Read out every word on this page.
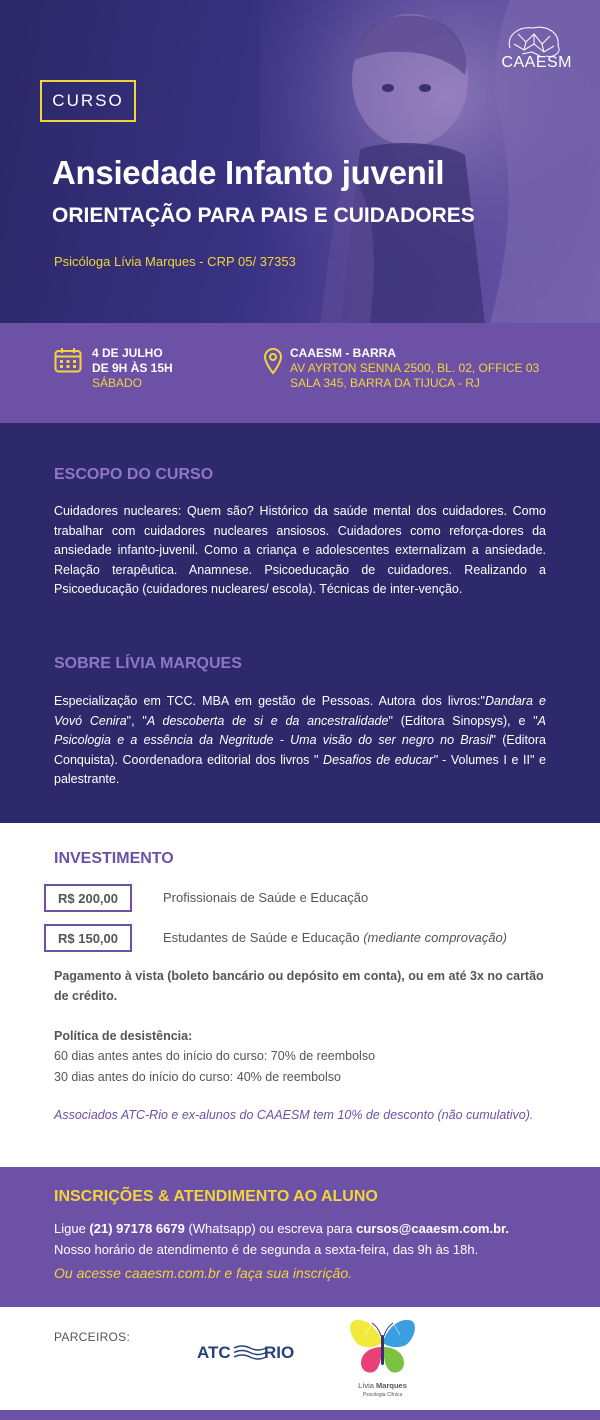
CURSO
CAAESM
Ansiedade Infanto juvenil
ORIENTAÇÃO PARA PAIS E CUIDADORES
Psicóloga Lívia Marques - CRP 05/ 37353
4 DE JULHO
DE 9H ÀS 15H
SÁBADO
CAAESM - BARRA
AV AYRTON SENNA 2500, BL. 02, OFFICE 03
SALA 345, BARRA DA TIJUCA - RJ
ESCOPO DO CURSO

Cuidadores nucleares: Quem são? Histórico da saúde mental dos cuidadores. Como trabalhar com cuidadores nucleares ansiosos. Cuidadores como reforça-dores da ansiedade infanto-juvenil. Como a criança e adolescentes externalizam a ansiedade. Relação terapêutica. Anamnese. Psicoeducação de cuidadores. Realizando a Psicoeducação (cuidadores nucleares/ escola). Técnicas de inter-venção.

SOBRE LÍVIA MARQUES

Especialização em TCC. MBA em gestão de Pessoas. Autora dos livros:"Dandara e Vovó Cenira", "A descoberta de si e da ancestralidade" (Editora Sinopsys), e "A Psicologia e a essência da Negritude - Uma visão do ser negro no Brasil" (Editora Conquista). Coordenadora editorial dos livros " Desafios de educar" - Volumes I e II" e palestrante.

INVESTIMENTO
R$ 200,00	Profissionais de Saúde e Educação
R$ 150,00	Estudantes de Saúde e Educação (mediante comprovação)

Pagamento à vista (boleto bancário ou depósito em conta), ou em até 3x no cartão de crédito.

Política de desistência:
60 dias antes antes do início do curso: 70% de reembolso
30 dias antes do início do curso: 40% de reembolso
Associados ATC-Rio e ex-alunos do CAAESM tem 10% de desconto (não cumulativo).
INSCRIÇÕES & ATENDIMENTO AO ALUNO
Ligue (21) 97178 6679 (Whatsapp) ou escreva para cursos@caaesm.com.br.
Nosso horário de atendimento é de segunda a sexta-feira, das 9h às 18h.
Ou acesse caaesm.com.br e faça sua inscrição.
PARCEIROS:
ATC RIO
Lívia Marques
Psicologia Clínica
